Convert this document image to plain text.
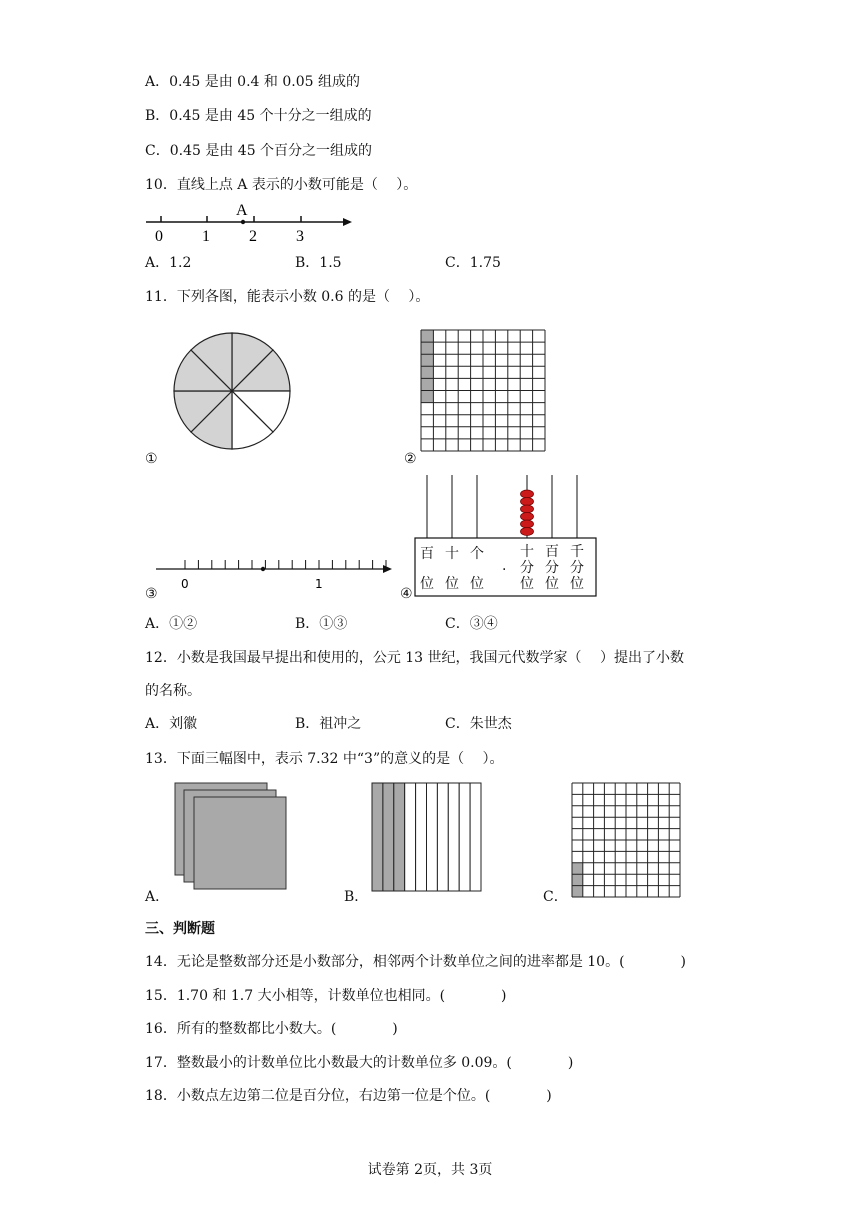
A．0.45 是由 0.4 和 0.05 组成的
B．0.45 是由 45 个十分之一组成的
C．0.45 是由 45 个百分之一组成的
10．直线上点 A 表示的小数可能是（　 ）。
A
0 1 2 3
A．1.2	B．1.5	C．1.75
11．下列各图，能表示小数 0.6 的是（　 ）。
①	②
0	1
③
百
位
十
位
个
位
·
十
分
位
百
分
位
千
分
位
④
A．①②	B．①③	C．③④
12．小数是我国最早提出和使用的，公元 13 世纪，我国元代数学家（　 ）提出了小数
的名称。
A．刘徽	B．祖冲之	C．朱世杰
13．下面三幅图中，表示 7.32 中“3”的意义的是（　 ）。
A．	B．	C．
三、判断题
14．无论是整数部分还是小数部分，相邻两个计数单位之间的进率都是 10。(　　　　)
15．1.70 和 1.7 大小相等，计数单位也相同。(　　　　)
16．所有的整数都比小数大。(　　　　)
17．整数最小的计数单位比小数最大的计数单位多 0.09。(　　　　)
18．小数点左边第二位是百分位，右边第一位是个位。(　　　　)
试卷第 2页，共 3页
